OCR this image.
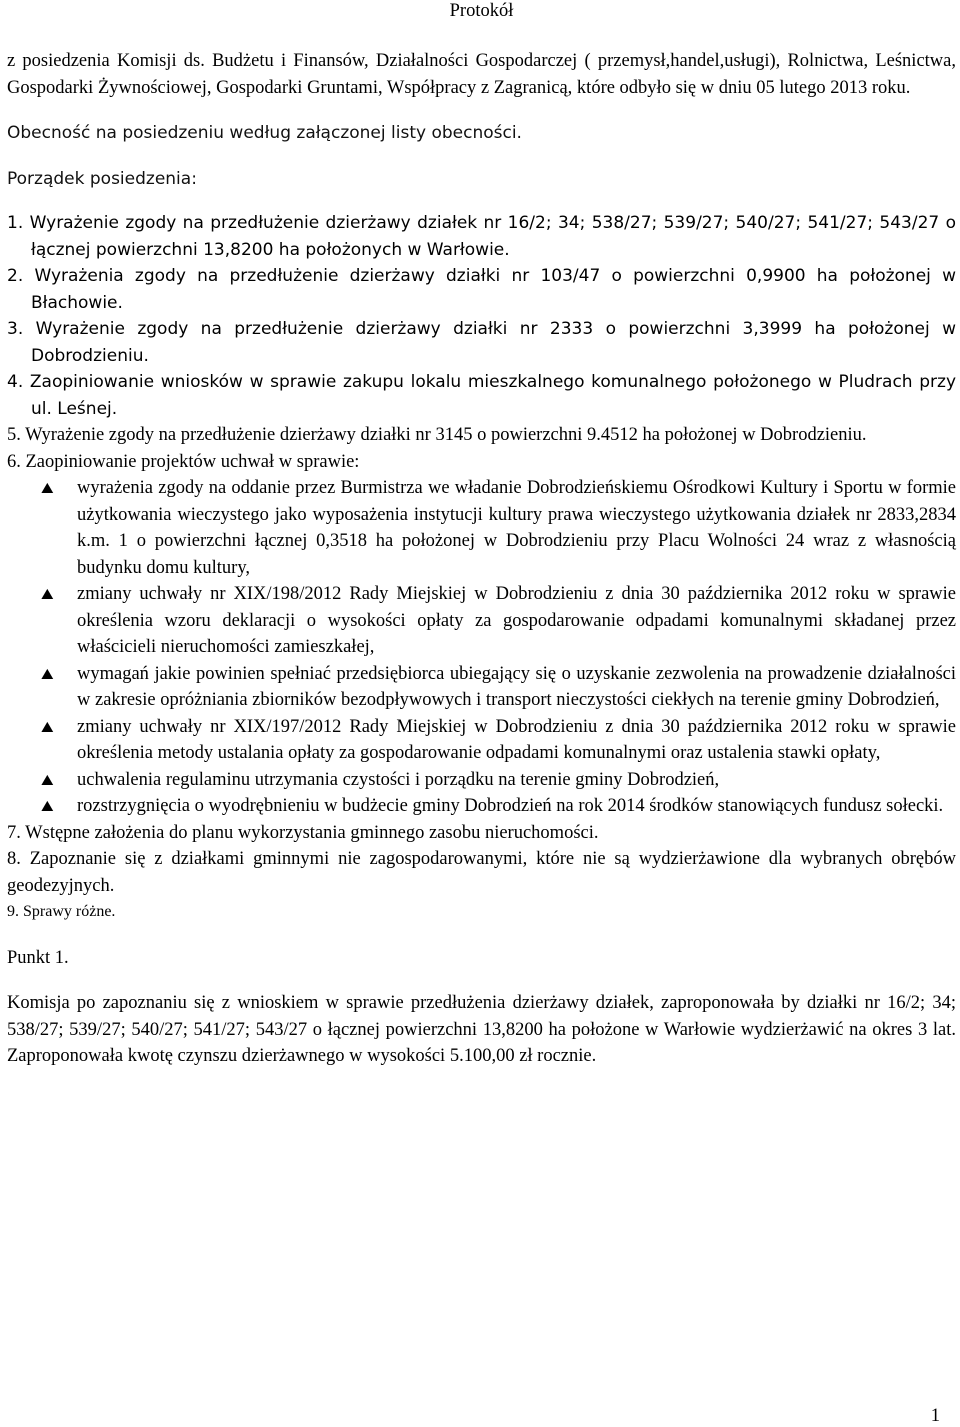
Protokół
z posiedzenia Komisji ds. Budżetu i Finansów, Działalności Gospodarczej ( przemysł,handel,usługi), Rolnictwa, Leśnictwa, Gospodarki Żywnościowej, Gospodarki Gruntami, Współpracy z Zagranicą, które odbyło się w dniu 05 lutego 2013 roku.
Obecność na posiedzeniu według załączonej listy obecności.
Porządek posiedzenia:
1. Wyrażenie zgody na przedłużenie dzierżawy działek nr 16/2; 34; 538/27; 539/27; 540/27; 541/27; 543/27 o łącznej powierzchni 13,8200 ha położonych w Warłowie.
2. Wyrażenia zgody na przedłużenie dzierżawy działki nr 103/47 o powierzchni 0,9900 ha położonej w Błachowie.
3. Wyrażenie zgody na przedłużenie dzierżawy działki nr 2333 o powierzchni 3,3999 ha położonej w Dobrodzieniu.
4. Zaopiniowanie wniosków w sprawie zakupu lokalu mieszkalnego komunalnego położonego w Pludrach przy ul. Leśnej.
5. Wyrażenie zgody na przedłużenie dzierżawy działki nr 3145 o powierzchni 9.4512 ha położonej w Dobrodzieniu.
6. Zaopiniowanie projektów uchwał w sprawie:
⛰	wyrażenia zgody na oddanie przez Burmistrza we władanie Dobrodzieńskiemu Ośrodkowi Kultury i Sportu w formie użytkowania wieczystego jako wyposażenia instytucji kultury prawa wieczystego użytkowania działek nr 2833,2834 k.m. 1 o powierzchni łącznej 0,3518 ha położonej w Dobrodzieniu przy Placu Wolności 24 wraz z własnością budynku domu kultury,
⛰	zmiany uchwały nr XIX/198/2012 Rady Miejskiej w Dobrodzieniu z dnia 30 października 2012 roku w sprawie określenia wzoru deklaracji o wysokości opłaty za gospodarowanie odpadami komunalnymi składanej przez właścicieli nieruchomości zamieszkałej,
⛰	wymagań jakie powinien spełniać przedsiębiorca ubiegający się o uzyskanie zezwolenia na prowadzenie działalności w zakresie opróżniania zbiorników bezodpływowych i transport nieczystości ciekłych na terenie gminy Dobrodzień,
⛰	zmiany uchwały nr XIX/197/2012 Rady Miejskiej w Dobrodzieniu z dnia 30 października 2012 roku w sprawie określenia metody ustalania opłaty za gospodarowanie odpadami komunalnymi oraz ustalenia stawki opłaty,
⛰	uchwalenia regulaminu utrzymania czystości i porządku na terenie gminy Dobrodzień,
⛰	rozstrzygnięcia o wyodrębnieniu w budżecie gminy Dobrodzień na rok 2014 środków stanowiących fundusz sołecki.
7. Wstępne założenia do planu wykorzystania gminnego zasobu nieruchomości.
8. Zapoznanie się z działkami gminnymi nie zagospodarowanymi, które nie są wydzierżawione dla wybranych obrębów geodezyjnych.
9. Sprawy różne.
Punkt 1.
Komisja po zapoznaniu się z wnioskiem w sprawie przedłużenia dzierżawy działek, zaproponowała by działki nr 16/2; 34; 538/27; 539/27; 540/27; 541/27; 543/27 o łącznej powierzchni 13,8200 ha położone w Warłowie wydzierżawić na okres 3 lat. Zaproponowała kwotę czynszu dzierżawnego w wysokości 5.100,00 zł rocznie.
1
